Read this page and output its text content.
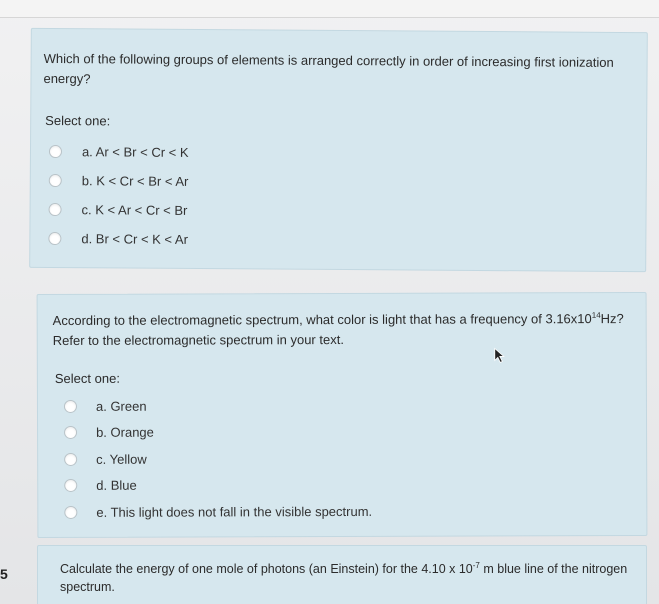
Which of the following groups of elements is arranged correctly in order of increasing first ionization energy?
Select one:
a. Ar < Br < Cr < K
b. K < Cr < Br < Ar
c. K < Ar < Cr < Br
d. Br < Cr < K < Ar
According to the electromagnetic spectrum, what color is light that has a frequency of $3.16x10^{14}Hz$? Refer to the electromagnetic spectrum in your text.
Select one:
a. Green
b. Orange
c. Yellow
d. Blue
e. This light does not fall in the visible spectrum.
5	Calculate the energy of one mole of photons (an Einstein) for the 4.10 x $10^{-7}$ m blue line of the nitrogen spectrum.
